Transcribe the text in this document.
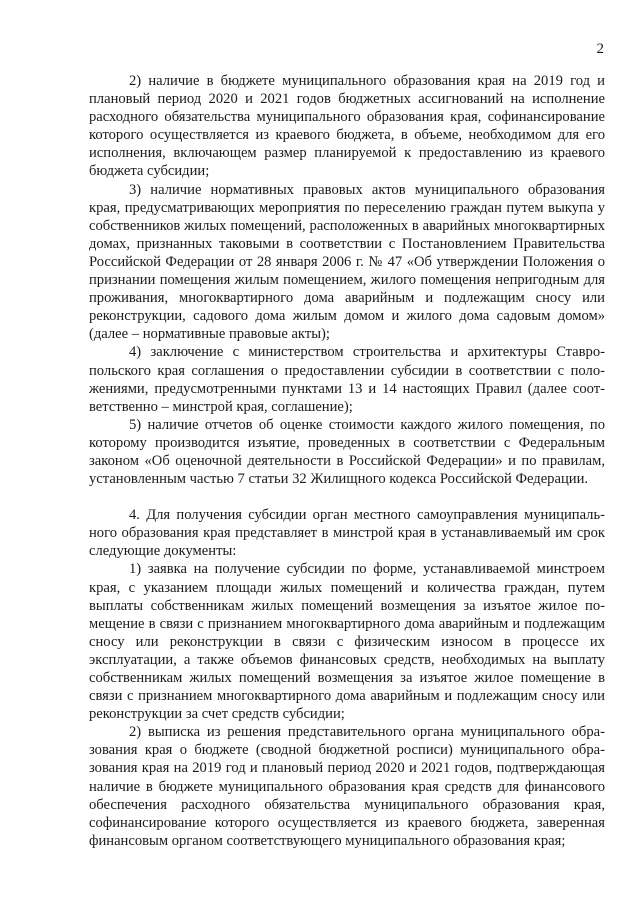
2

2) наличие в бюджете муниципального образования края на 2019 год и плановый период 2020 и 2021 годов бюджетных ассигнований на исполнение расходного обязательства муниципального образования края, софинансирование которого осуществляется из краевого бюджета, в объеме, необходимом для его исполнения, включающем размер планируемой к предоставлению из краевого бюджета субсидии;

3) наличие нормативных правовых актов муниципального образования края, предусматривающих мероприятия по переселению граждан путем выкупа у собственников жилых помещений, расположенных в аварийных многоквартирных домах, признанных таковыми в соответствии с Постановлением Правительства Российской Федерации от 28 января 2006 г. № 47 «Об утверждении Положения о признании помещения жилым помещением, жилого помещения непригодным для проживания, многоквартирного дома аварийным и подлежащим сносу или реконструкции, садового дома жилым домом и жилого дома садовым домом» (далее – нормативные правовые акты);

4) заключение с министерством строительства и архитектуры Ставропольского края соглашения о предоставлении субсидии в соответствии с положениями, предусмотренными пунктами 13 и 14 настоящих Правил (далее соответственно – минстрой края, соглашение);

5) наличие отчетов об оценке стоимости каждого жилого помещения, по которому производится изъятие, проведенных в соответствии с Федеральным законом «Об оценочной деятельности в Российской Федерации» и по правилам, установленным частью 7 статьи 32 Жилищного кодекса Российской Федерации.

4. Для получения субсидии орган местного самоуправления муниципального образования края представляет в минстрой края в устанавливаемый им срок следующие документы:

1) заявка на получение субсидии по форме, устанавливаемой минстроем края, с указанием площади жилых помещений и количества граждан, путем выплаты собственникам жилых помещений возмещения за изъятое жилое помещение в связи с признанием многоквартирного дома аварийным и подлежащим сносу или реконструкции в связи с физическим износом в процессе их эксплуатации, а также объемов финансовых средств, необходимых на выплату собственникам жилых помещений возмещения за изъятое жилое помещение в связи с признанием многоквартирного дома аварийным и подлежащим сносу или реконструкции за счет средств субсидии;

2) выписка из решения представительного органа муниципального образования края о бюджете (сводной бюджетной росписи) муниципального образования края на 2019 год и плановый период 2020 и 2021 годов, подтверждающая наличие в бюджете муниципального образования края средств для финансового обеспечения расходного обязательства муниципального образования края, софинансирование которого осуществляется из краевого бюджета, заверенная финансовым органом соответствующего муниципального образования края;
